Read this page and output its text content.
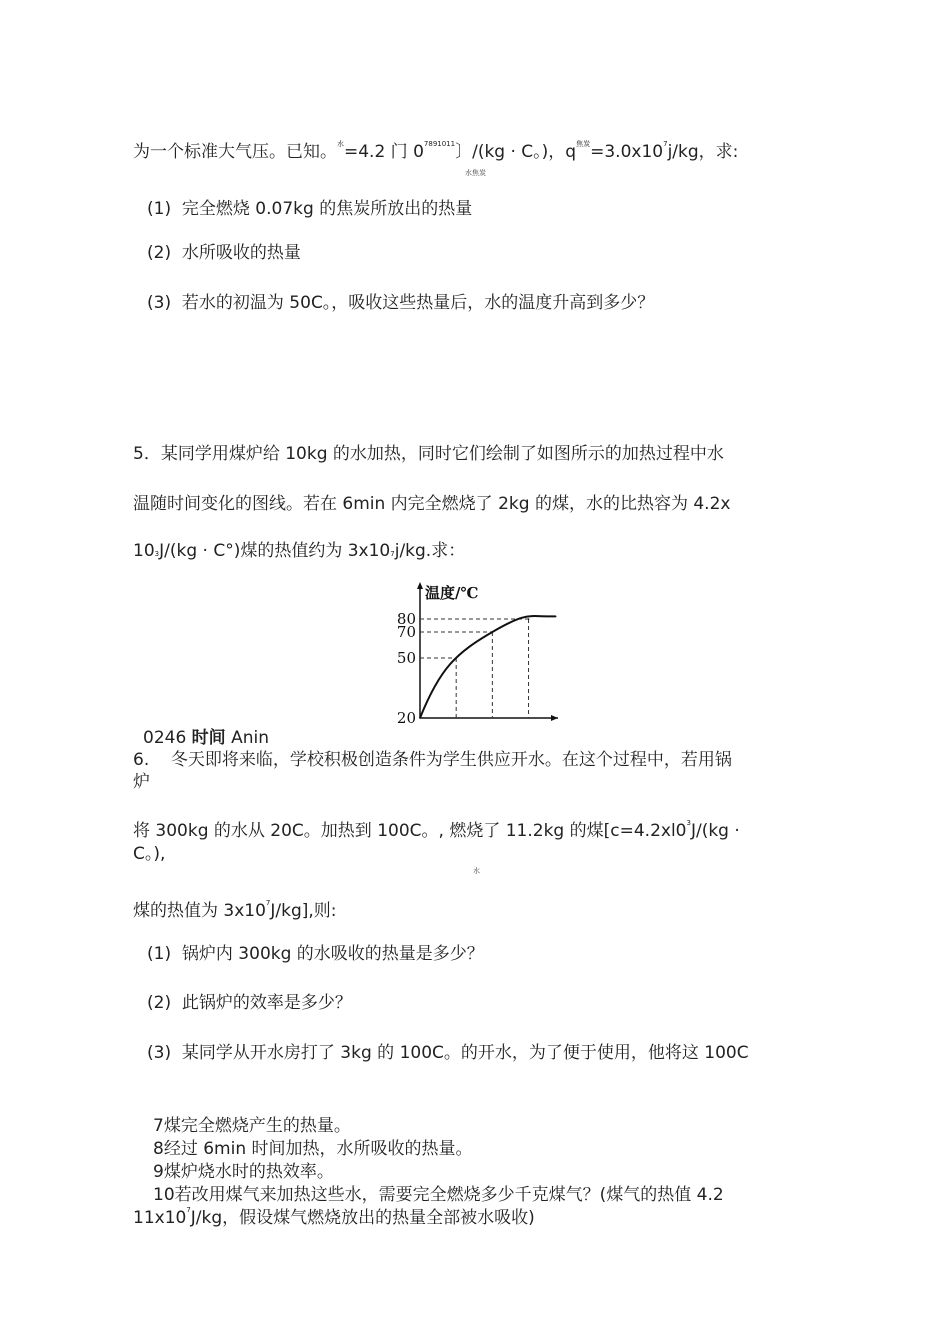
为一个标准大气压。已知。$^水$=4.2 门 $0^{7891011}$〕/(kg · C。)，$q^{焦炭}=3.0x10^7j/kg$，求:
水焦炭
(1) 完全燃烧 0.07kg 的焦炭所放出的热量
(2) 水所吸收的热量
(3) 若水的初温为 50C。，吸收这些热量后，水的温度升高到多少？
5．某同学用煤炉给 10kg 的水加热，同时它们绘制了如图所示的加热过程中水
温随时间变化的图线。若在 6min 内完全燃烧了 2kg 的煤，水的比热容为 4.2x
103J/(kg · C°)煤的热值约为 3x107j/kg.求：
温度/℃
20
50
70
80
0246 时间 Anin
6. 冬天即将来临，学校积极创造条件为学生供应开水。在这个过程中，若用锅
炉
将 300kg 的水从 20C。加热到 100C。, 燃烧了 11.2kg 的煤[$c=4.2xl0^3J/(kg$ ·
C。),
水
煤的热值为 $3x10^7J/kg$],则:
(1) 锅炉内 300kg 的水吸收的热量是多少？
(2) 此锅炉的效率是多少？
(3) 某同学从开水房打了 3kg 的 100C。的开水，为了便于使用，他将这 100C
7煤完全燃烧产生的热量。
8经过 6min 时间加热，水所吸收的热量。
9煤炉烧水时的热效率。
10若改用煤气来加热这些水，需要完全燃烧多少千克煤气？(煤气的热值 4.2
$11x10^7J/kg$，假设煤气燃烧放出的热量全部被水吸收)
